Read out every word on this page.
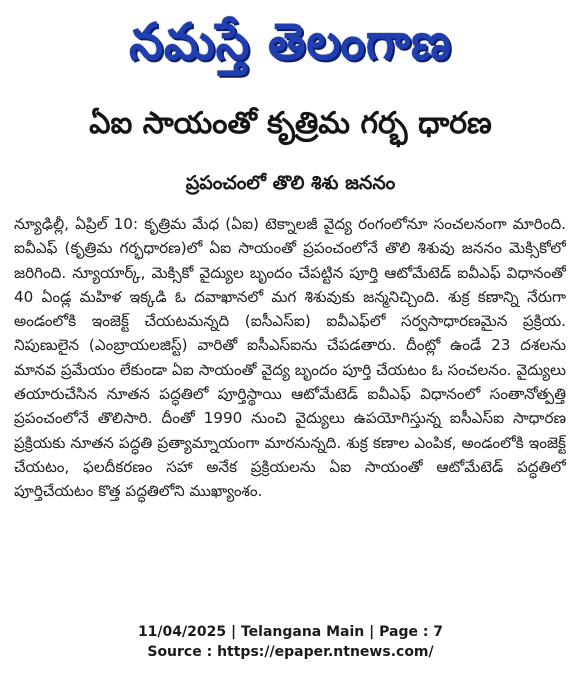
నమస్తే తెలంగాణ
ఏఐ సాయంతో కృత్రిమ గర్భ ధారణ
ప్రపంచంలో తొలి శిశు జననం
న్యూఢిల్లీ, ఏప్రిల్ 10: కృత్రిమ మేధ (ఏఐ) టెక్నాలజీ వైద్య రంగంలోనూ సంచలనంగా మారింది. ఐవీఎఫ్ (కృత్రిమ గర్భధారణ)లో ఏఐ సాయంతో ప్రపంచంలోనే తొలి శిశువు జననం మెక్సికోలో జరిగింది. న్యూయార్క్, మెక్సికో వైద్యుల బృందం చేపట్టిన పూర్తి ఆటోమేటెడ్ ఐవీఎఫ్ విధానంతో 40 ఏండ్ల మహిళ ఇక్కడి ఓ దవాఖానలో మగ శిశువుకు జన్మనిచ్చింది. శుక్ర కణాన్ని నేరుగా అండంలోకి ఇంజెక్ట్ చేయటమన్నది (ఐసీఎస్ఐ) ఐవీఎఫ్‌లో సర్వసాధారణమైన ప్రక్రియ. నిపుణులైన (ఎంబ్రాయలజిస్ట్) వారితో ఐసీఎస్ఐను చేపడతారు. దీంట్లో ఉండే 23 దశలను మానవ ప్రమేయం లేకుండా ఏఐ సాయంతో వైద్య బృందం పూర్తి చేయటం ఓ సంచలనం. వైద్యులు తయారుచేసిన నూతన పద్ధతిలో పూర్తిస్థాయి ఆటోమేటెడ్ ఐవీఎఫ్ విధానంలో సంతానోత్పత్తి ప్రపంచంలోనే తొలిసారి. దీంతో 1990 నుంచి వైద్యులు ఉపయోగిస్తున్న ఐసీఎస్ఐ సాధారణ ప్రక్రియకు నూతన పద్ధతి ప్రత్యామ్నాయంగా మారనున్నది. శుక్ర కణాల ఎంపిక, అండంలోకి ఇంజెక్ట్ చేయటం, ఫలదీకరణం సహా అనేక ప్రక్రియలను ఏఐ సాయంతో ఆటోమేటెడ్ పద్ధతిలో పూర్తిచేయటం కొత్త పద్ధతిలోని ముఖ్యాంశం.
11/04/2025 | Telangana Main | Page : 7
Source : https://epaper.ntnews.com/
